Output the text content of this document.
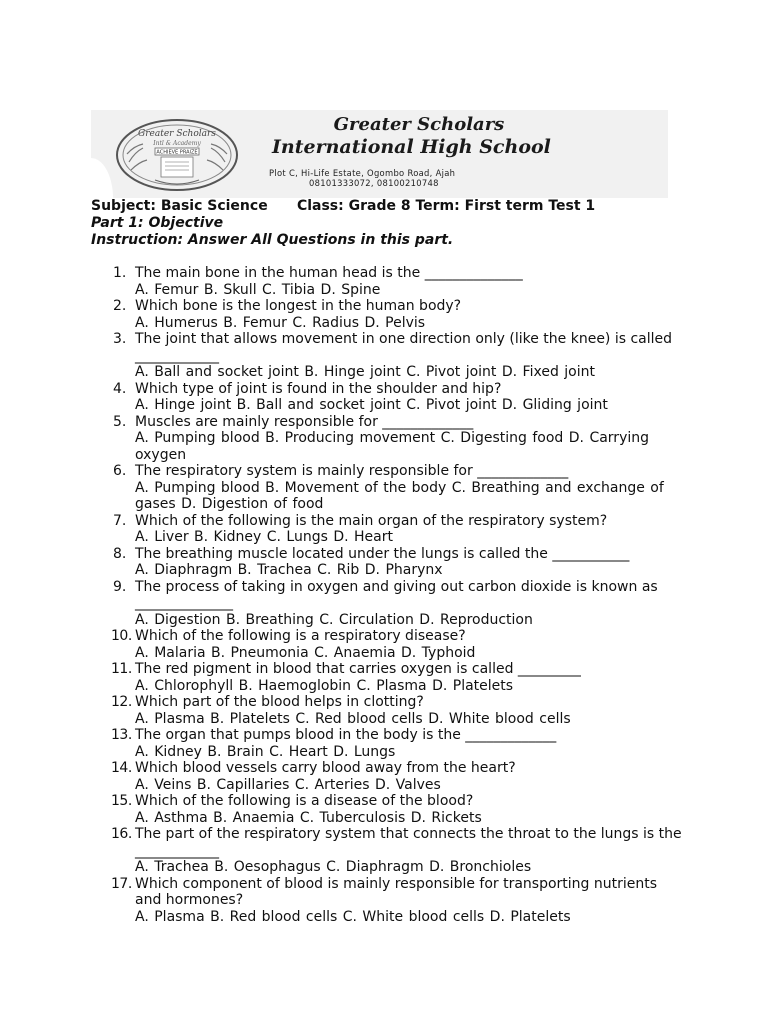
Greater Scholars
Intl & Academy
ACHIEVE PRAIZE
Greater Scholars
International High School
Plot C, Hi-Life Estate, Ogombo Road, Ajah
08101333072, 08100210748
Subject: Basic Science Class: Grade 8 Term: First term Test 1
Part 1: Objective
Instruction: Answer All Questions in this part.
1. The main bone in the human head is the ______________
A. Femur B. Skull C. Tibia D. Spine
2. Which bone is the longest in the human body?
A. Humerus B. Femur C. Radius D. Pelvis
3. The joint that allows movement in one direction only (like the knee) is called ____________
A. Ball and socket joint B. Hinge joint C. Pivot joint D. Fixed joint
4. Which type of joint is found in the shoulder and hip?
A. Hinge joint B. Ball and socket joint C. Pivot joint D. Gliding joint
5. Muscles are mainly responsible for _____________
A. Pumping blood B. Producing movement C. Digesting food D. Carrying oxygen
6. The respiratory system is mainly responsible for _____________
A. Pumping blood B. Movement of the body C. Breathing and exchange of gases D. Digestion of food
7. Which of the following is the main organ of the respiratory system?
A. Liver B. Kidney C. Lungs D. Heart
8. The breathing muscle located under the lungs is called the ___________
A. Diaphragm B. Trachea C. Rib D. Pharynx
9. The process of taking in oxygen and giving out carbon dioxide is known as ______________
A. Digestion B. Breathing C. Circulation D. Reproduction
10. Which of the following is a respiratory disease?
A. Malaria B. Pneumonia C. Anaemia D. Typhoid
11. The red pigment in blood that carries oxygen is called _________
A. Chlorophyll B. Haemoglobin C. Plasma D. Platelets
12. Which part of the blood helps in clotting?
A. Plasma B. Platelets C. Red blood cells D. White blood cells
13. The organ that pumps blood in the body is the _____________
A. Kidney B. Brain C. Heart D. Lungs
14. Which blood vessels carry blood away from the heart?
A. Veins B. Capillaries C. Arteries D. Valves
15. Which of the following is a disease of the blood?
A. Asthma B. Anaemia C. Tuberculosis D. Rickets
16. The part of the respiratory system that connects the throat to the lungs is the ____________
A. Trachea B. Oesophagus C. Diaphragm D. Bronchioles
17. Which component of blood is mainly responsible for transporting nutrients and hormones?
A. Plasma B. Red blood cells C. White blood cells D. Platelets
